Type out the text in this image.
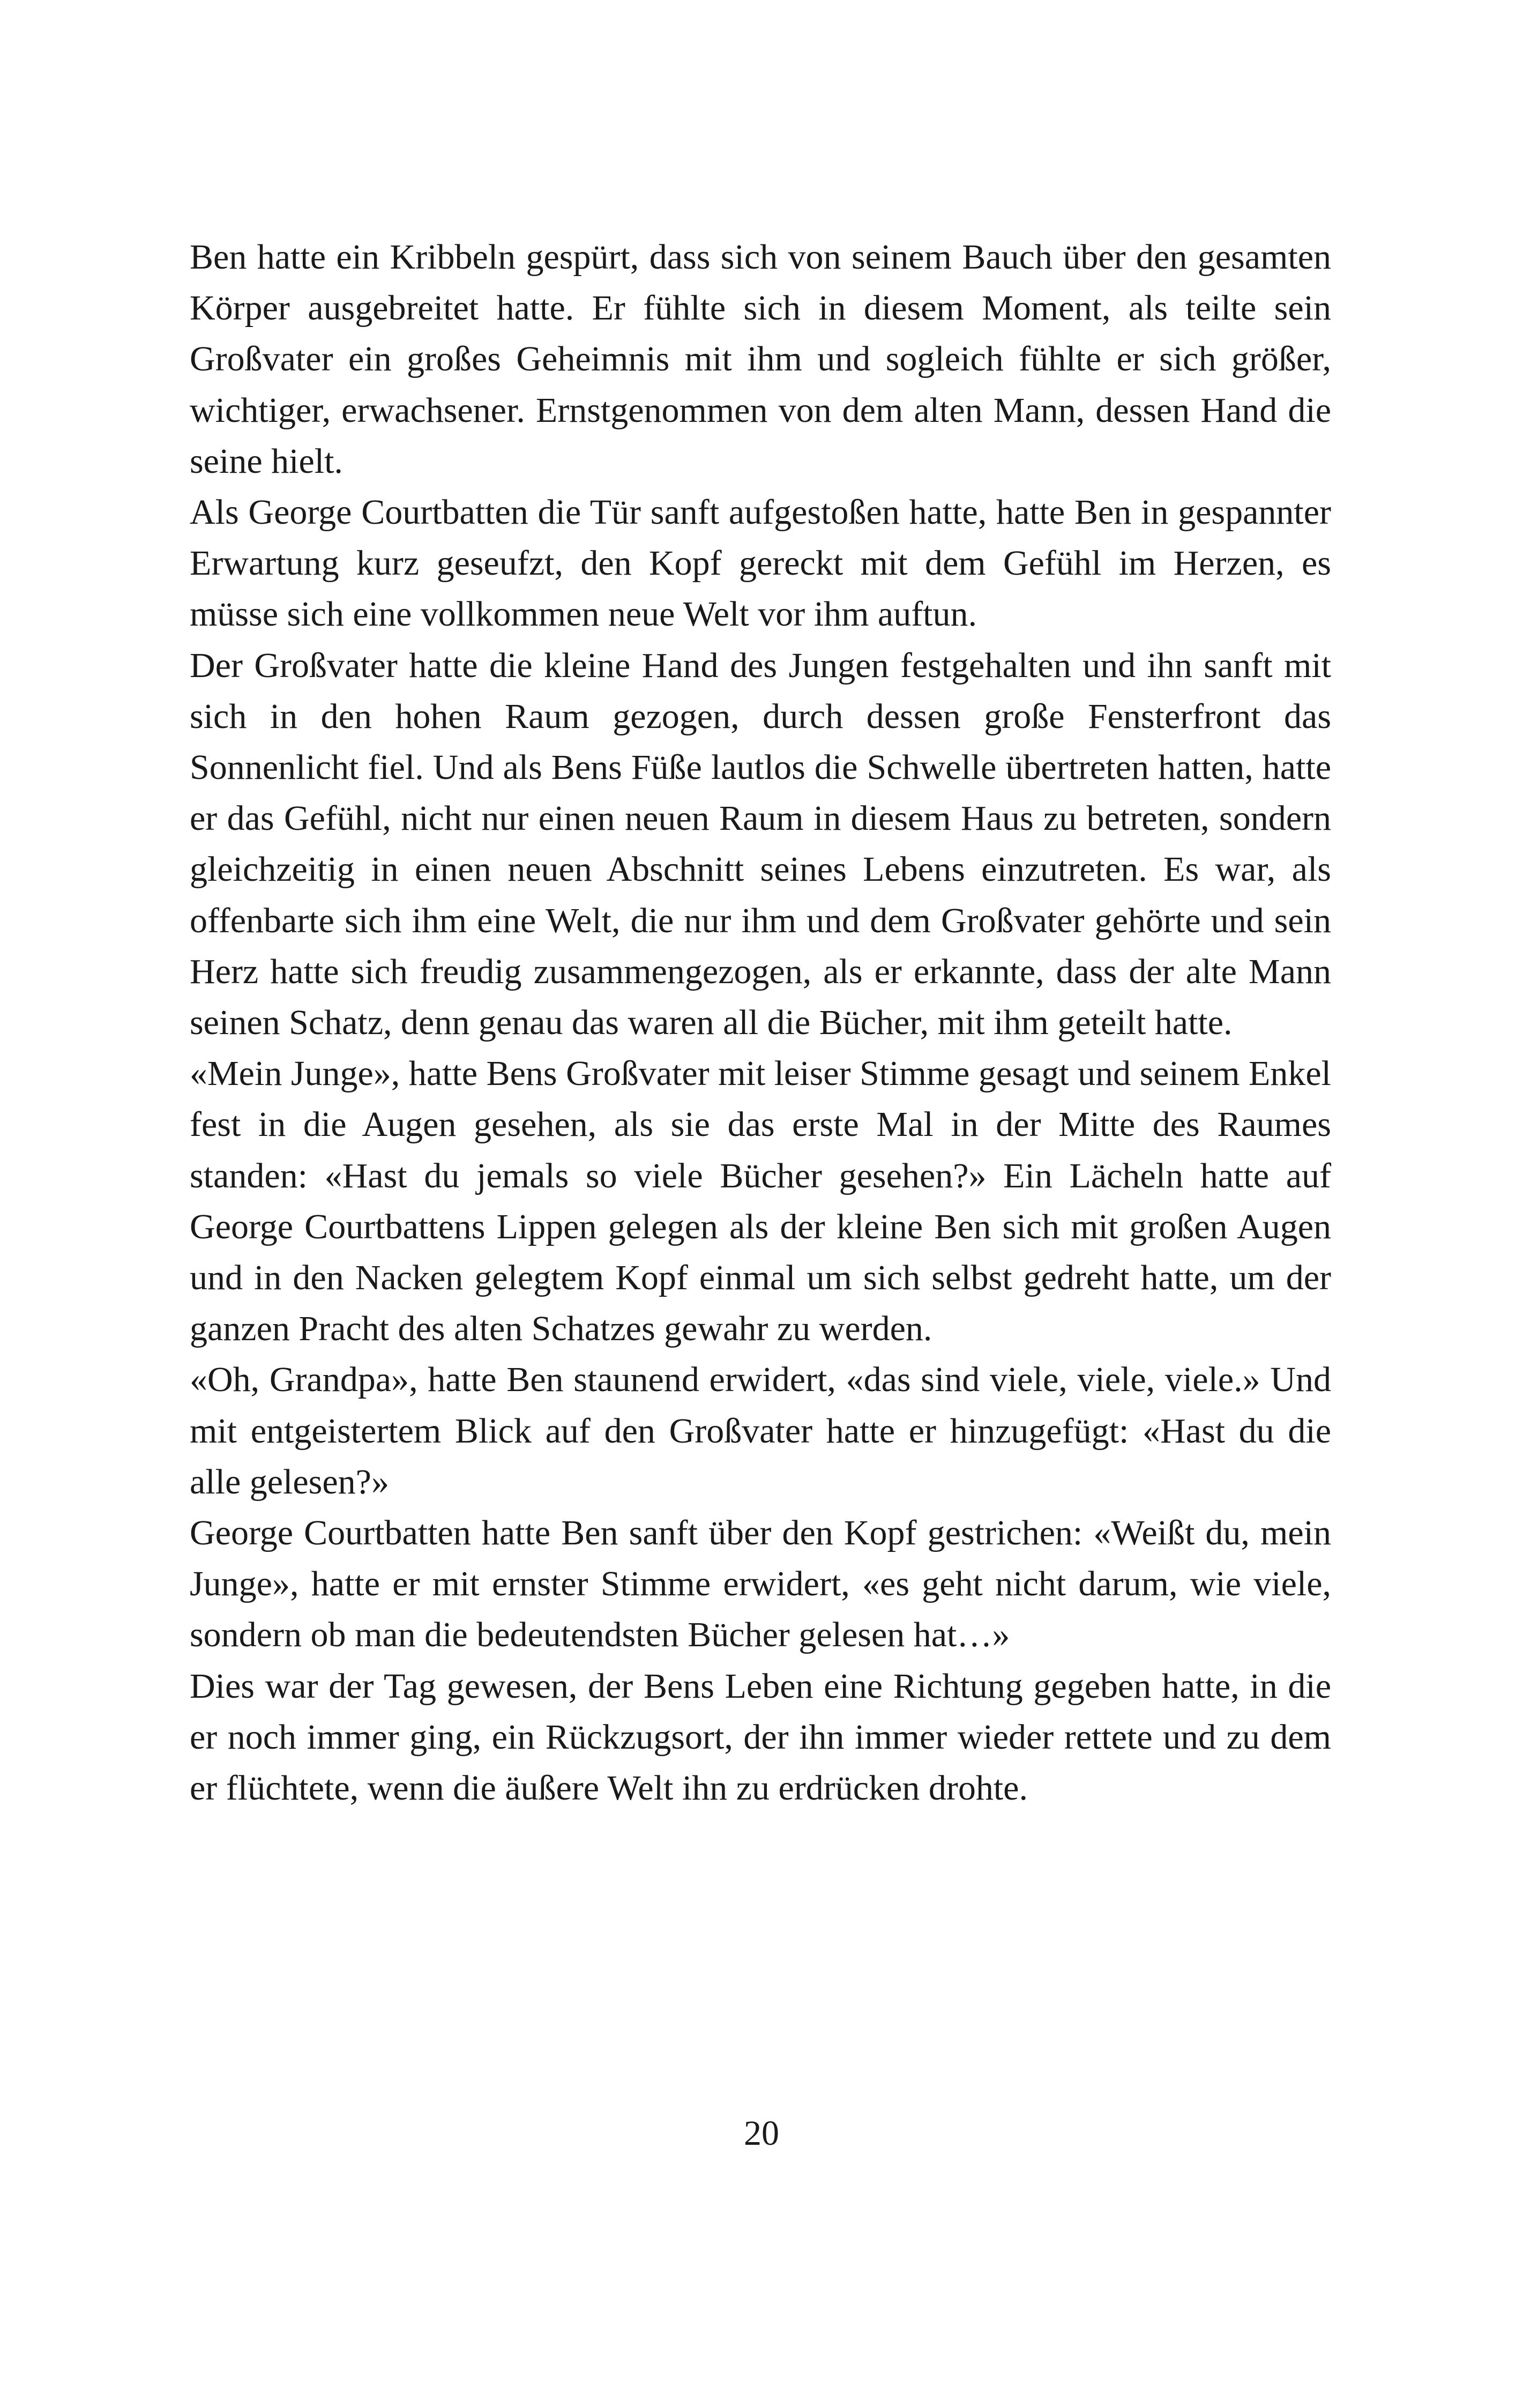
Ben hatte ein Kribbeln gespürt, dass sich von seinem Bauch über den gesamten Körper ausgebreitet hatte. Er fühlte sich in diesem Moment, als teilte sein Großvater ein großes Geheimnis mit ihm und sogleich fühlte er sich größer, wichtiger, erwachsener. Ernstgenommen von dem alten Mann, dessen Hand die seine hielt.

Als George Courtbatten die Tür sanft aufgestoßen hatte, hatte Ben in gespannter Erwartung kurz geseufzt, den Kopf gereckt mit dem Gefühl im Herzen, es müsse sich eine vollkommen neue Welt vor ihm auftun.

Der Großvater hatte die kleine Hand des Jungen festgehalten und ihn sanft mit sich in den hohen Raum gezogen, durch dessen große Fensterfront das Sonnenlicht fiel. Und als Bens Füße lautlos die Schwelle übertreten hatten, hatte er das Gefühl, nicht nur einen neuen Raum in diesem Haus zu betreten, sondern gleichzeitig in einen neuen Abschnitt seines Lebens einzutreten. Es war, als offenbarte sich ihm eine Welt, die nur ihm und dem Großvater gehörte und sein Herz hatte sich freudig zusammengezogen, als er erkannte, dass der alte Mann seinen Schatz, denn genau das waren all die Bücher, mit ihm geteilt hatte.

«Mein Junge», hatte Bens Großvater mit leiser Stimme gesagt und seinem Enkel fest in die Augen gesehen, als sie das erste Mal in der Mitte des Raumes standen: «Hast du jemals so viele Bücher gesehen?» Ein Lächeln hatte auf George Courtbattens Lippen gelegen als der kleine Ben sich mit großen Augen und in den Nacken gelegtem Kopf einmal um sich selbst gedreht hatte, um der ganzen Pracht des alten Schatzes gewahr zu werden.

«Oh, Grandpa», hatte Ben staunend erwidert, «das sind viele, viele, viele.» Und mit entgeistertem Blick auf den Großvater hatte er hinzugefügt: «Hast du die alle gelesen?»

George Courtbatten hatte Ben sanft über den Kopf gestrichen: «Weißt du, mein Junge», hatte er mit ernster Stimme erwidert, «es geht nicht darum, wie viele, sondern ob man die bedeutendsten Bücher gelesen hat…»

Dies war der Tag gewesen, der Bens Leben eine Richtung gegeben hatte, in die er noch immer ging, ein Rückzugsort, der ihn immer wieder rettete und zu dem er flüchtete, wenn die äußere Welt ihn zu erdrücken drohte.

20
